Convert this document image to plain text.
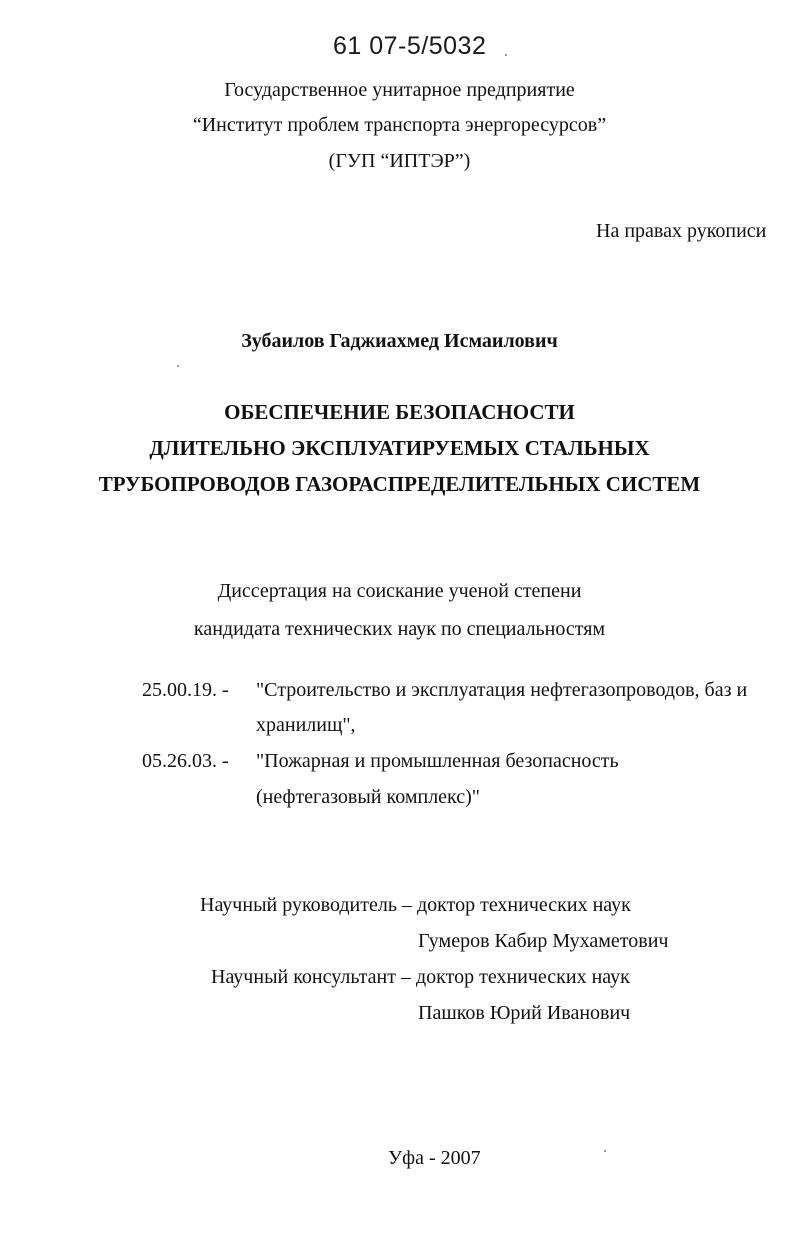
61 07-5/5032
Государственное унитарное предприятие
“Институт проблем транспорта энергоресурсов”
(ГУП “ИПТЭР”)
На правах рукописи
Зубаилов Гаджиахмед Исмаилович
ОБЕСПЕЧЕНИЕ БЕЗОПАСНОСТИ
ДЛИТЕЛЬНО ЭКСПЛУАТИРУЕМЫХ СТАЛЬНЫХ
ТРУБОПРОВОДОВ ГАЗОРАСПРЕДЕЛИТЕЛЬНЫХ СИСТЕМ
Диссертация на соискание ученой степени
кандидата технических наук по специальностям
25.00.19. - "Строительство и эксплуатация нефтегазопроводов, баз и
хранилищ",
05.26.03. - "Пожарная и промышленная безопасность
(нефтегазовый комплекс)"
Научный руководитель – доктор технических наук
Гумеров Кабир Мухаметович
Научный консультант – доктор технических наук
Пашков Юрий Иванович
Уфа - 2007
